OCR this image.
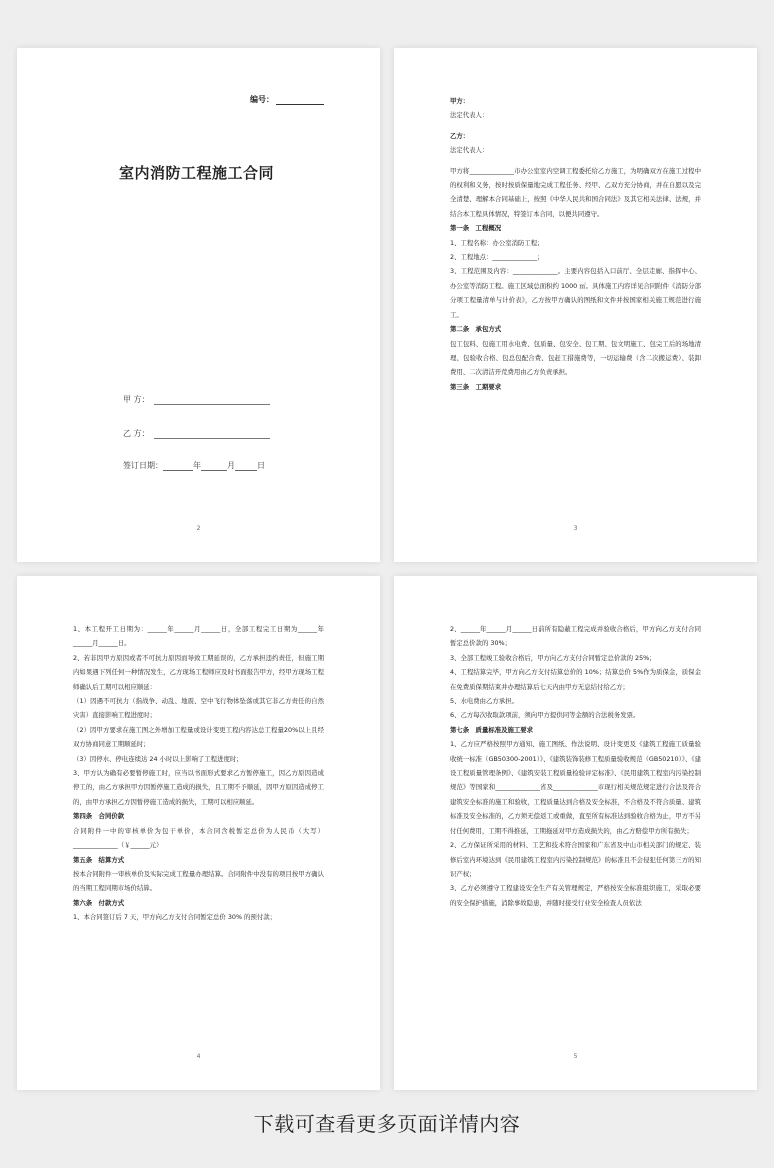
编号：
室内消防工程施工合同
甲 方：
乙 方：
签订日期：	年	月	日
2

甲方：

法定代表人：

乙方：

法定代表人：

甲方将______________市办公室室内空调工程委托给乙方施工，为明确双方在施工过程中的权利和义务，按时按质保量地完成工程任务、经甲、乙双方充分协商，并在自愿以及完全清楚、理解本合同基础上，按照《中华人民共和国合同法》及其它相关法律、法规，并结合本工程具体情况，特签订本合同，以便共同遵守。

第一条　工程概况

1、工程名称：办公室消防工程；

2、工程地点：______________；

3、工程范围及内容：______________。主要内容包括入口前厅、全层走廊、指挥中心、办公室等消防工程。施工区域总面积约 1000 ㎡。具体施工内容详见合同附件《消防分部分项工程量清单与计价表》，乙方按甲方确认的图纸和文件并按国家相关施工规范进行施工。

第二条　承包方式

包工包料、包施工用水电费、包质量、包安全、包工期、包文明施工、包完工后的场地清理、包验收合格、包总包配合费、包赶工措施费等，一切运输费（含二次搬运费）、装卸费用、二次清洁开荒费用由乙方负责承担。

第三条　工期要求

3

1、本工程开工日期为：______年______月______日，全部工程完工日期为______年______月______日。

2、若非因甲方原因或者不可抗力原因而导致工期延误的，乙方承担违约责任，但施工期内如果遇下列任何一种情况发生，乙方现场工程师应及时书面报告甲方，经甲方现场工程师确认后工期可以相应顺延：

（1）因遇不可抗力（指战争、动乱、地震、空中飞行物体坠落或其它非乙方责任的自然灾害）直接影响工程进度时；

（2）因甲方要求在施工图之外增加工程量或设计变更工程内容达总工程量20%以上且经双方协商同意工期顺延时；

（3）因停水、停电连续达 24 小时以上影响了工程进度时；

3、甲方认为确有必要暂停施工时，应当以书面形式要求乙方暂停施工，因乙方原因造成停工的，由乙方承担甲方因暂停施工造成的损失，且工期不予顺延，因甲方原因造成停工的，由甲方承担乙方因暂停施工造成的损失，工期可以相应顺延。

第四条　合同价款

合同附件一中的审核单价为包干单价，本合同含税暂定总价为人民币（大写）______________（￥______元）

第五条　结算方式

按本合同附件一审核单价及实际完成工程量办理结算。合同附件中没有的项目按甲方确认的当期工程同期市场价结算。

第六条　付款方式

1、本合同签订后 7 天，甲方向乙方支付合同暂定总价 30% 的预付款；

4

2、______年______月______日前所有隐蔽工程完成并验收合格后，甲方向乙方支付合同暂定总价款的 30%；

3、全部工程竣工验收合格后，甲方向乙方支付合同暂定总价款的 25%；

4、工程结算完毕，甲方向乙方支付结算总价的 10%；结算总价 5%作为质保金，质保金在免费质保期结束并办理结算后七天内由甲方无息结付给乙方；

5、水电费由乙方承担。

6、乙方每次收取款项前，须向甲方提供同等金额的合法税务发票。

第七条　质量标准及施工要求

1、乙方应严格按照甲方通知、施工图纸、作法说明、设计变更及《建筑工程施工质量验收统一标准（GB50300-2001）》、《建筑装饰装修工程质量验收规范（GB50210）》、《建设工程质量管理条例》、《建筑安装工程质量检验评定标准》、《民用建筑工程室内污染控制规范》等国家和______________省及______________市现行相关规范规定进行合法及符合建筑安全标准的施工和验收，工程质量达到合格及安全标准，不合格及不符合质量、建筑标准及安全标准的，乙方须无偿返工或重做，直至所有标准达到验收合格为止，甲方不另付任何费用，工期不得推延，工期拖延对甲方造成损失的，由乙方赔偿甲方所有损失；

2、乙方保证所采用的材料、工艺和技术符合国家和广东省及中山市相关部门的规定、装修后室内环境达到《民用建筑工程室内污染控制规范》的标准且不会侵犯任何第三方的知识产权；

3、乙方必须遵守工程建设安全生产有关管理规定，严格按安全标准组织施工，采取必要的安全保护措施，消除事故隐患，并随时接受行业安全检查人员依法

5
下载可查看更多页面详情内容
